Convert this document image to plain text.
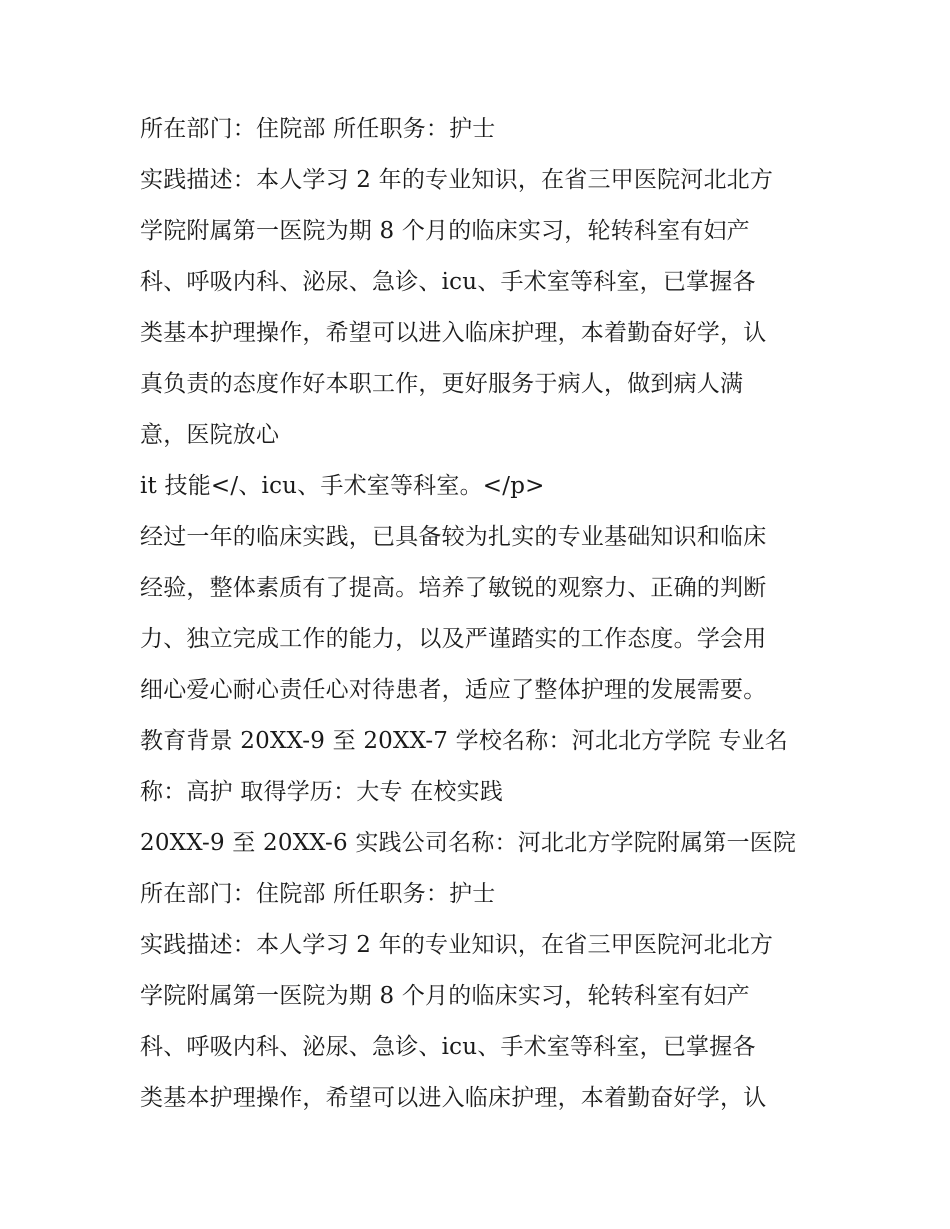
所在部门：住院部 所任职务：护士
实践描述：本人学习 2 年的专业知识，在省三甲医院河北北方
学院附属第一医院为期 8 个月的临床实习，轮转科室有妇产
科、呼吸内科、泌尿、急诊、icu、手术室等科室，已掌握各
类基本护理操作，希望可以进入临床护理，本着勤奋好学，认
真负责的态度作好本职工作，更好服务于病人，做到病人满
意，医院放心
it 技能</、icu、手术室等科室。</p>
经过一年的临床实践，已具备较为扎实的专业基础知识和临床
经验，整体素质有了提高。培养了敏锐的观察力、正确的判断
力、独立完成工作的能力，以及严谨踏实的工作态度。学会用
细心爱心耐心责任心对待患者，适应了整体护理的发展需要。
教育背景 20XX-9 至 20XX-7 学校名称：河北北方学院 专业名
称：高护 取得学历：大专 在校实践
20XX-9 至 20XX-6 实践公司名称：河北北方学院附属第一医院
所在部门：住院部 所任职务：护士
实践描述：本人学习 2 年的专业知识，在省三甲医院河北北方
学院附属第一医院为期 8 个月的临床实习，轮转科室有妇产
科、呼吸内科、泌尿、急诊、icu、手术室等科室，已掌握各
类基本护理操作，希望可以进入临床护理，本着勤奋好学，认
